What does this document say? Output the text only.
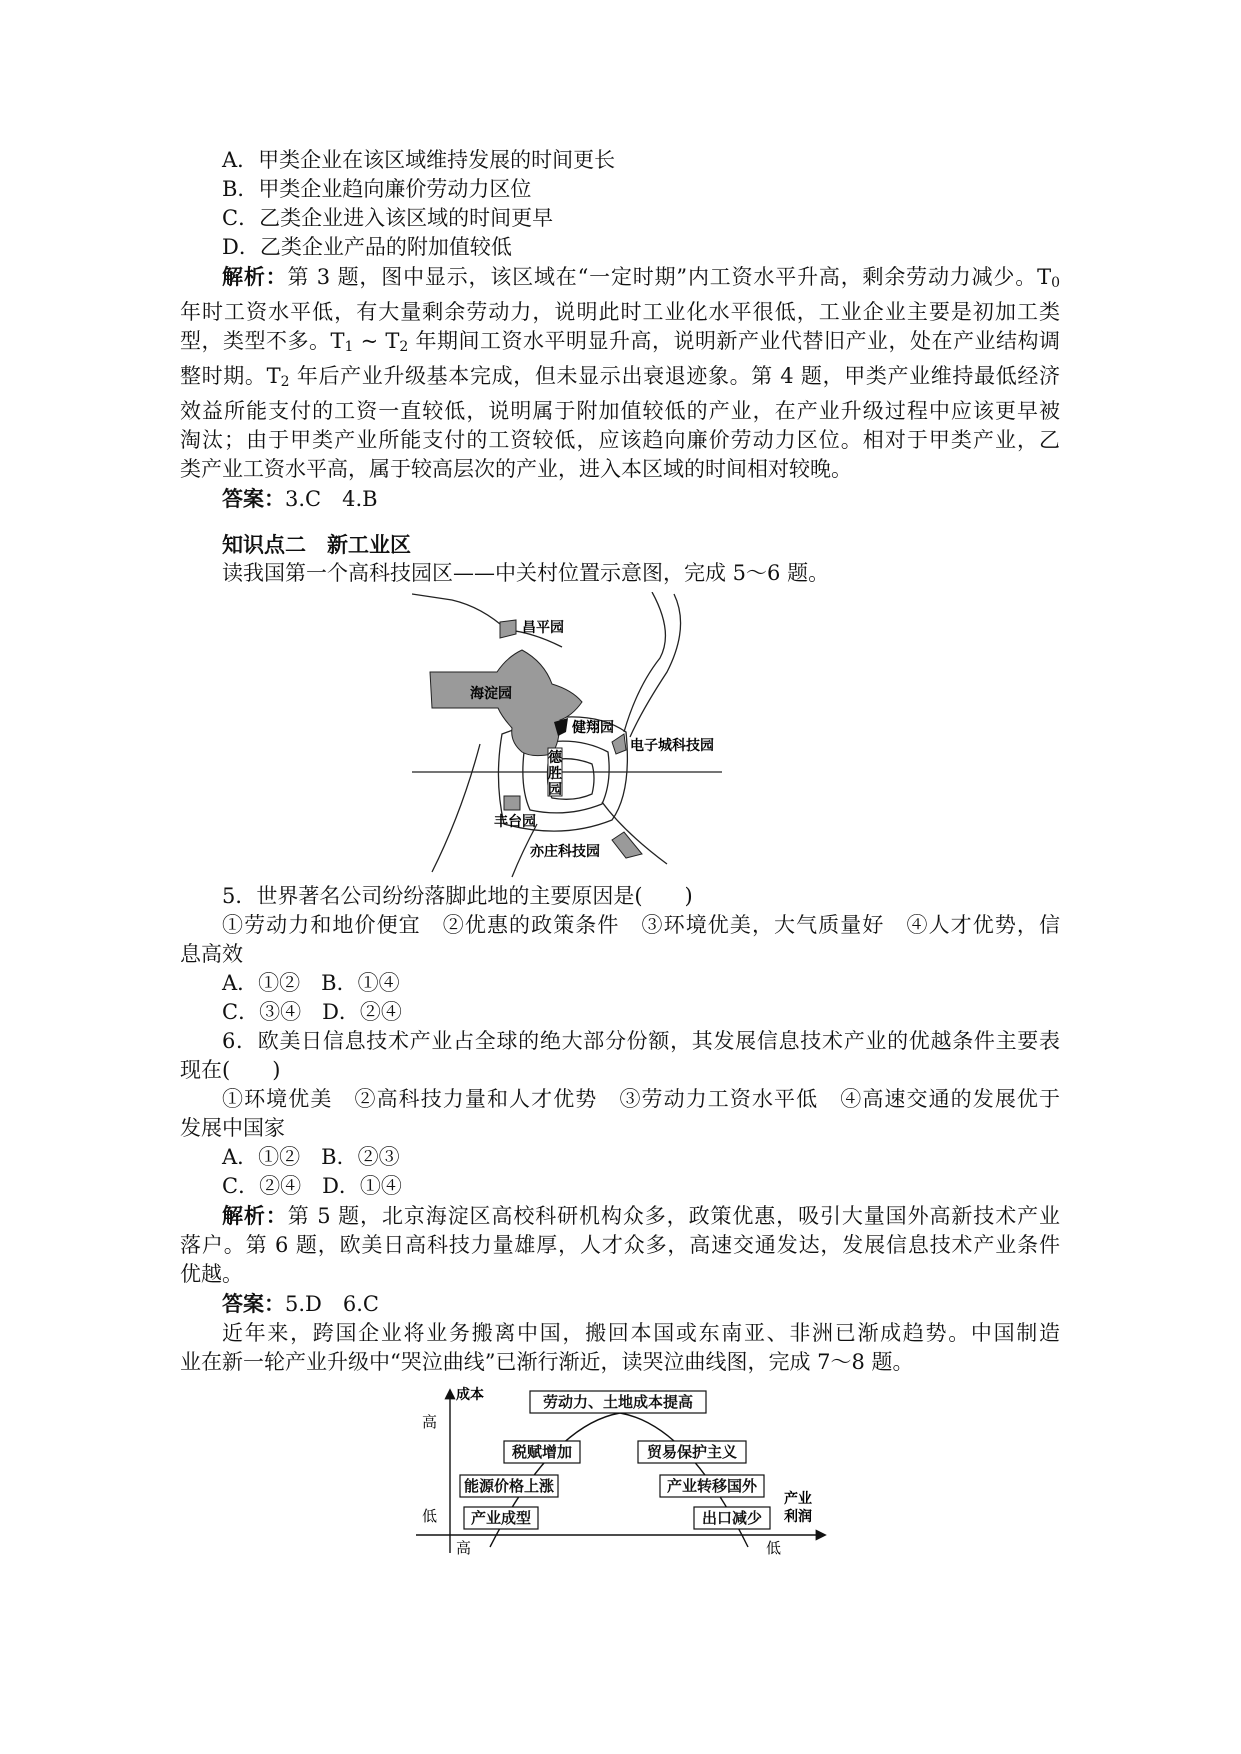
A．甲类企业在该区域维持发展的时间更长
B．甲类企业趋向廉价劳动力区位
C．乙类企业进入该区域的时间更早
D．乙类企业产品的附加值较低
解析：第 3 题，图中显示，该区域在“一定时期”内工资水平升高，剩余劳动力减少。$T_0$
年时工资水平低，有大量剩余劳动力，说明此时工业化水平很低，工业企业主要是初加工类
型，类型不多。$T_1$ ~ $T_2$ 年期间工资水平明显升高，说明新产业代替旧产业，处在产业结构调
整时期。$T_2$ 年后产业升级基本完成，但未显示出衰退迹象。第 4 题，甲类产业维持最低经济
效益所能支付的工资一直较低，说明属于附加值较低的产业，在产业升级过程中应该更早被
淘汰；由于甲类产业所能支付的工资较低，应该趋向廉价劳动力区位。相对于甲类产业，乙
类产业工资水平高，属于较高层次的产业，进入本区域的时间相对较晚。
答案：3.C　4.B
知识点二　新工业区
读我国第一个高科技园区——中关村位置示意图，完成 5～6 题。
昌平园
海淀园
健翔园
电子城科技园
德胜园
丰台园
亦庄科技园
5．世界著名公司纷纷落脚此地的主要原因是(　　)
①劳动力和地价便宜　②优惠的政策条件　③环境优美，大气质量好　④人才优势，信
息高效
A．①②　B．①④
C．③④　D．②④
6．欧美日信息技术产业占全球的绝大部分份额，其发展信息技术产业的优越条件主要表
现在(　　)
①环境优美　②高科技力量和人才优势　③劳动力工资水平低　④高速交通的发展优于
发展中国家
A．①②　B．②③
C．②④　D．①④
解析：第 5 题，北京海淀区高校科研机构众多，政策优惠，吸引大量国外高新技术产业
落户。第 6 题，欧美日高科技力量雄厚，人才众多，高速交通发达，发展信息技术产业条件
优越。
答案：5.D　6.C
近年来，跨国企业将业务搬离中国，搬回本国或东南亚、非洲已渐成趋势。中国制造
业在新一轮产业升级中“哭泣曲线”已渐行渐近，读哭泣曲线图，完成 7～8 题。
成本
高
低
产业
利润
高	低
劳动力、土地成本提高
税赋增加	贸易保护主义
能源价格上涨	产业转移国外
产业成型	出口减少
